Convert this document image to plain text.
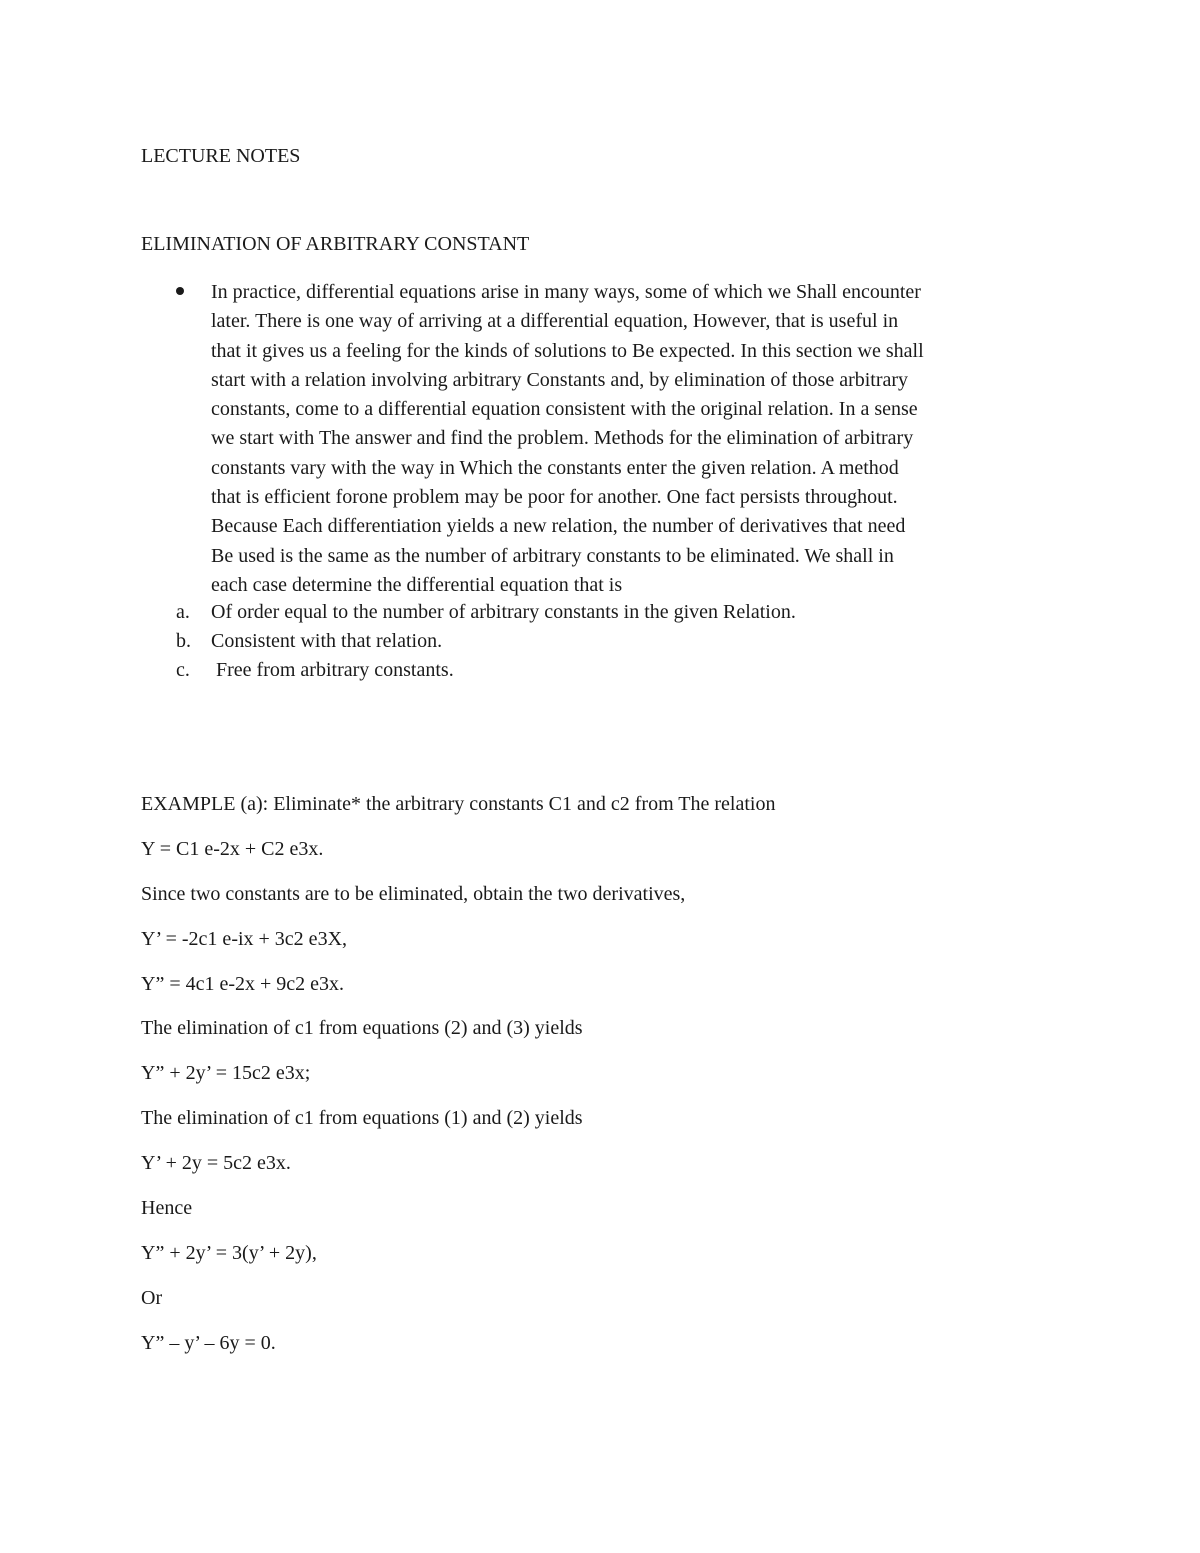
LECTURE NOTES
ELIMINATION OF ARBITRARY CONSTANT
In practice, differential equations arise in many ways, some of which we Shall encounter
later. There is one way of arriving at a differential equation, However, that is useful in
that it gives us a feeling for the kinds of solutions to Be expected. In this section we shall
start with a relation involving arbitrary Constants and, by elimination of those arbitrary
constants, come to a differential equation consistent with the original relation. In a sense
we start with The answer and find the problem. Methods for the elimination of arbitrary
constants vary with the way in Which the constants enter the given relation. A method
that is efficient forone problem may be poor for another. One fact persists throughout.
Because Each differentiation yields a new relation, the number of derivatives that need
Be used is the same as the number of arbitrary constants to be eliminated. We shall in
each case determine the differential equation that is
a. Of order equal to the number of arbitrary constants in the given Relation.
b. Consistent with that relation.
c. Free from arbitrary constants.
EXAMPLE (a): Eliminate* the arbitrary constants C1 and c2 from The relation
Y = C1 e-2x + C2 e3x.
Since two constants are to be eliminated, obtain the two derivatives,
Y’ = -2c1 e-ix + 3c2 e3X,
Y” = 4c1 e-2x + 9c2 e3x.
The elimination of c1 from equations (2) and (3) yields
Y” + 2y’ = 15c2 e3x;
The elimination of c1 from equations (1) and (2) yields
Y’ + 2y = 5c2 e3x.
Hence
Y” + 2y’ = 3(y’ + 2y),
Or
Y” – y’ – 6y = 0.
